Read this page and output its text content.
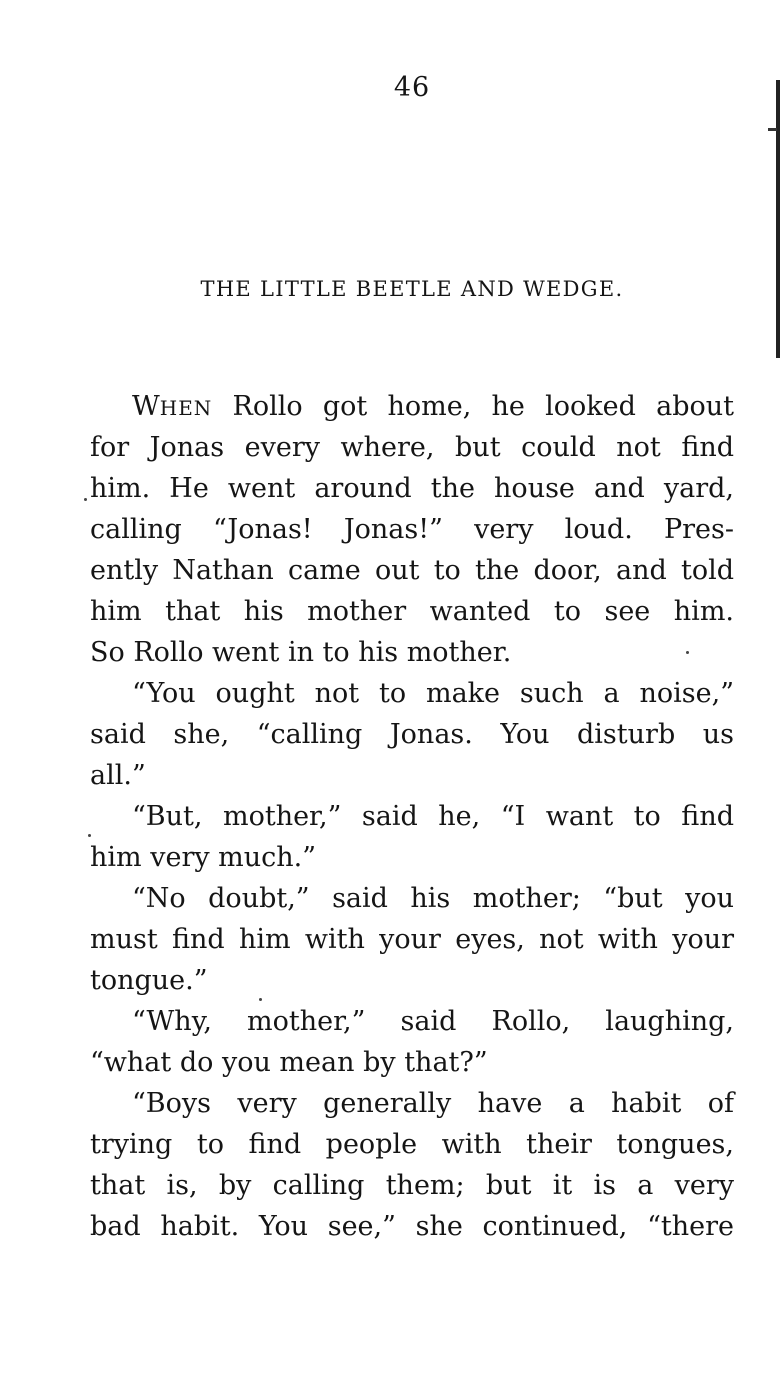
46
THE LITTLE BEETLE AND WEDGE.
WHEN Rollo got home, he looked about
for Jonas every where, but could not find
him. He went around the house and yard,
calling “Jonas! Jonas!” very loud. Pres-
ently Nathan came out to the door, and told
him that his mother wanted to see him.
So Rollo went in to his mother.
“You ought not to make such a noise,”
said she, “calling Jonas. You disturb us
all.”
“But, mother,” said he, “I want to find
him very much.”
“No doubt,” said his mother; “but you
must find him with your eyes, not with your
tongue.”
“Why, mother,” said Rollo, laughing,
“what do you mean by that?”
“Boys very generally have a habit of
trying to find people with their tongues,
that is, by calling them; but it is a very
bad habit. You see,” she continued, “there
